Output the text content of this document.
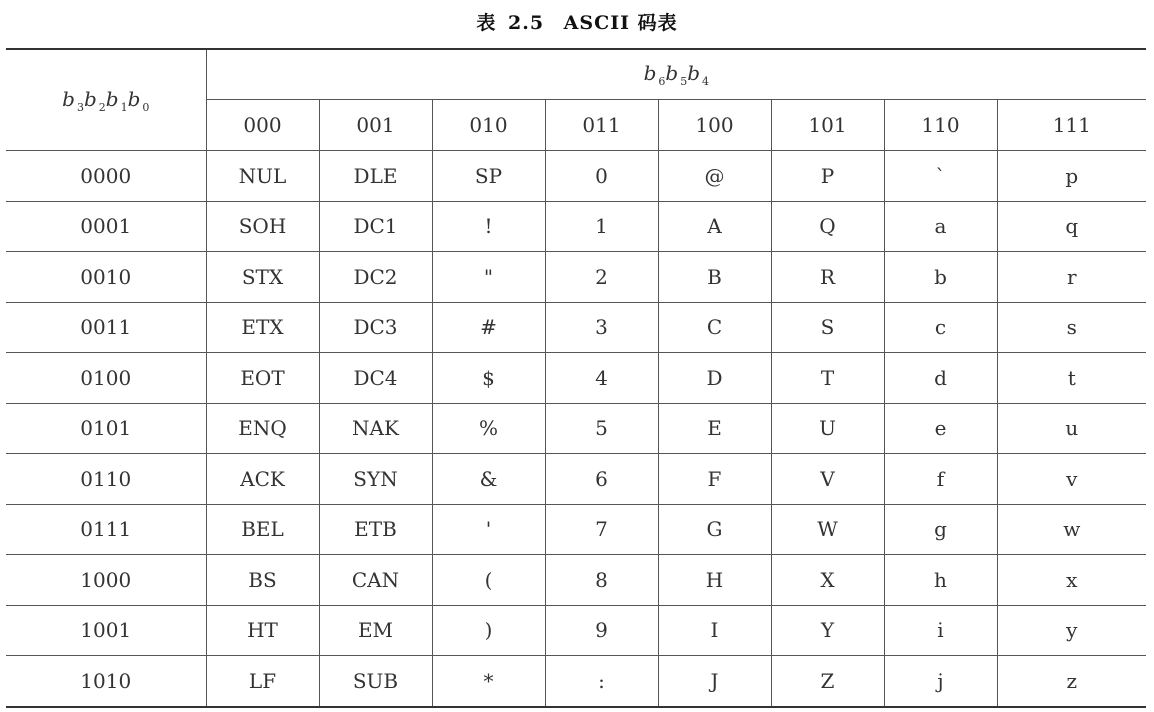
表 2.5 ASCII 码表
$b_3b_2b_1b_0$	$b_6b_5b_4$
	000	001	010	011	100	101	110	111
0000	NUL	DLE	SP	0	@	P	`	p
0001	SOH	DC1	!	1	A	Q	a	q
0010	STX	DC2	"	2	B	R	b	r
0011	ETX	DC3	#	3	C	S	c	s
0100	EOT	DC4	$	4	D	T	d	t
0101	ENQ	NAK	%	5	E	U	e	u
0110	ACK	SYN	&	6	F	V	f	v
0111	BEL	ETB	'	7	G	W	g	w
1000	BS	CAN	(	8	H	X	h	x
1001	HT	EM	)	9	I	Y	i	y
1010	LF	SUB	*	:	J	Z	j	z
